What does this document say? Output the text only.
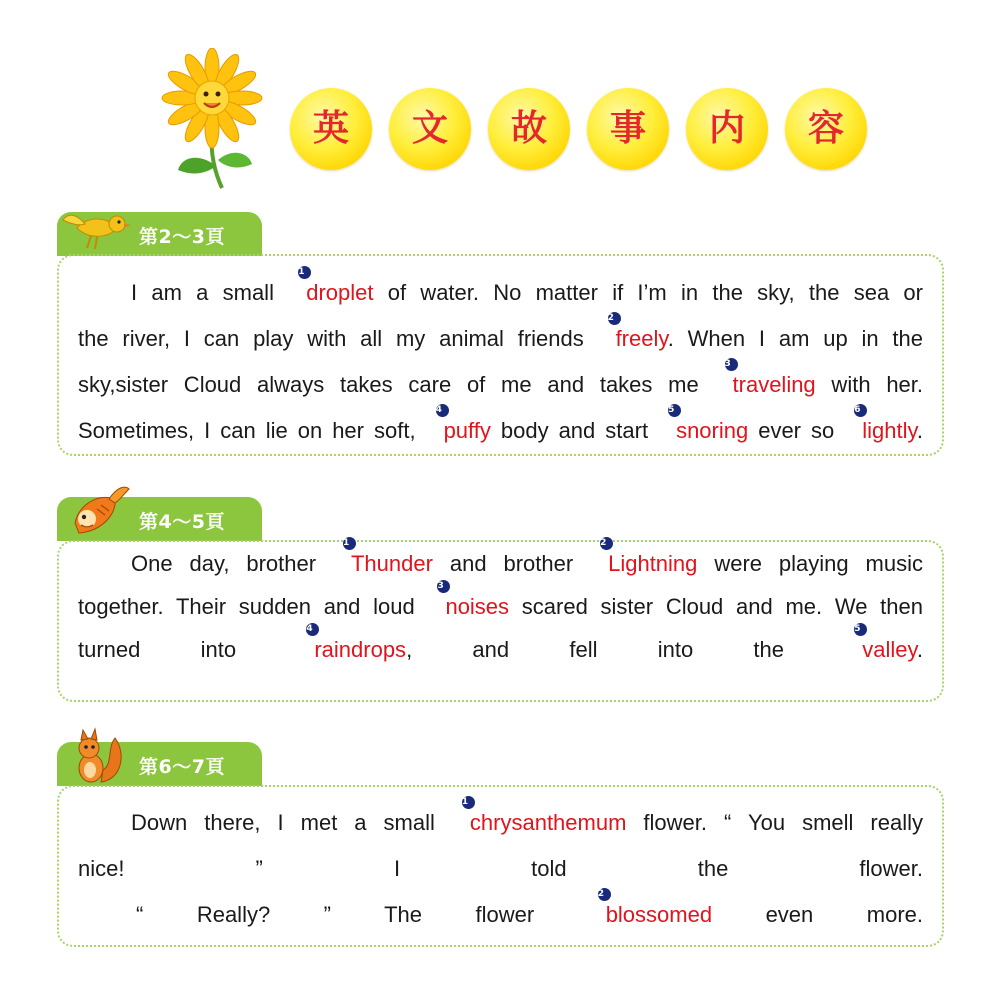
英 文 故 事 内 容
第2～3頁
I am a small
1
droplet of water. No matter if I’m in the sky, the sea or
the river, I can play with all my animal friends
2
freely. When I am up in the
sky,sister Cloud always takes care of me and takes me
3
traveling with her.
Sometimes, I can lie on her soft,
4
puffy body and start
5
snoring ever so
6
lightly.
第4～5頁
One day, brother
1
Thunder and brother
2
Lightning were playing music
together. Their sudden and loud
3
noises scared sister Cloud and me. We then
turned into
4
raindrops, and fell into the
5
valley.
第6～7頁
Down there, I met a small
1
chrysanthemum flower. “ You smell really
nice! ” I told the flower.
“ Really? ” The flower
2
blossomed even more.
